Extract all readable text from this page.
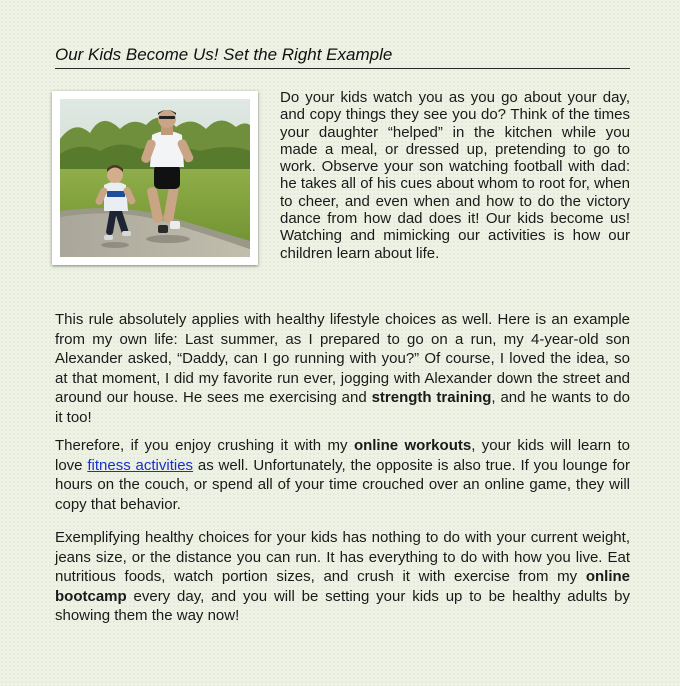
Our Kids Become Us! Set the Right Example

Do your kids watch you as you go about your day, and copy things they see you do? Think of the times your daughter “helped” in the kitchen while you made a meal, or dressed up, pretending to go to work. Observe your son watching football with dad: he takes all of his cues about whom to root for, when to cheer, and even when and how to do the victory dance from how dad does it! Our kids become us! Watching and mimicking our activities is how our children learn about life.

This rule absolutely applies with healthy lifestyle choices as well. Here is an example from my own life: Last summer, as I prepared to go on a run, my 4-year-old son Alexander asked, “Daddy, can I go running with you?” Of course, I loved the idea, so at that moment, I did my favorite run ever, jogging with Alexander down the street and around our house. He sees me exercising and strength training, and he wants to do it too!

Therefore, if you enjoy crushing it with my online workouts, your kids will learn to love fitness activities as well. Unfortunately, the opposite is also true. If you lounge for hours on the couch, or spend all of your time crouched over an online game, they will copy that behavior.

Exemplifying healthy choices for your kids has nothing to do with your current weight, jeans size, or the distance you can run. It has everything to do with how you live. Eat nutritious foods, watch portion sizes, and crush it with exercise from my online bootcamp every day, and you will be setting your kids up to be healthy adults by showing them the way now!
